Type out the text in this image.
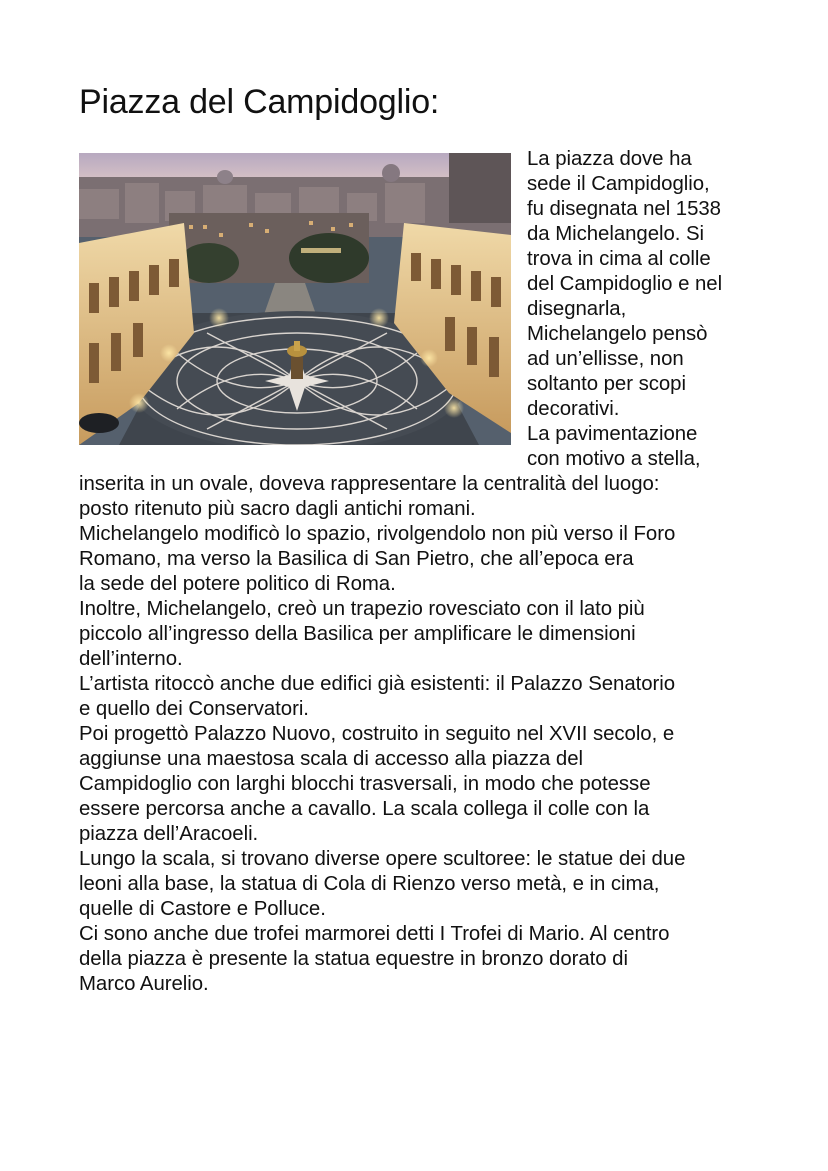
Piazza del Campidoglio:
La piazza dove ha
sede il Campidoglio,
fu disegnata nel 1538
da Michelangelo. Si
trova in cima al colle
del Campidoglio e nel
disegnarla,
Michelangelo pensò
ad un’ellisse, non
soltanto per scopi
decorativi.
La pavimentazione
con motivo a stella,
inserita in un ovale, doveva rappresentare la centralità del luogo:
posto ritenuto più sacro dagli antichi romani.
Michelangelo modificò lo spazio, rivolgendolo non più verso il Foro
Romano, ma verso la Basilica di San Pietro, che all’epoca era
la sede del potere politico di Roma.
Inoltre, Michelangelo, creò un trapezio rovesciato con il lato più
piccolo all’ingresso della Basilica per amplificare le dimensioni
dell’interno.
L’artista ritoccò anche due edifici già esistenti: il Palazzo Senatorio
e quello dei Conservatori.
Poi progettò Palazzo Nuovo, costruito in seguito nel XVII secolo, e
aggiunse una maestosa scala di accesso alla piazza del
Campidoglio con larghi blocchi trasversali, in modo che potesse
essere percorsa anche a cavallo. La scala collega il colle con la
piazza dell’Aracoeli.
Lungo la scala, si trovano diverse opere scultoree: le statue dei due
leoni alla base, la statua di Cola di Rienzo verso metà, e in cima,
quelle di Castore e Polluce.
Ci sono anche due trofei marmorei detti I Trofei di Mario. Al centro
della piazza è presente la statua equestre in bronzo dorato di
Marco Aurelio.
